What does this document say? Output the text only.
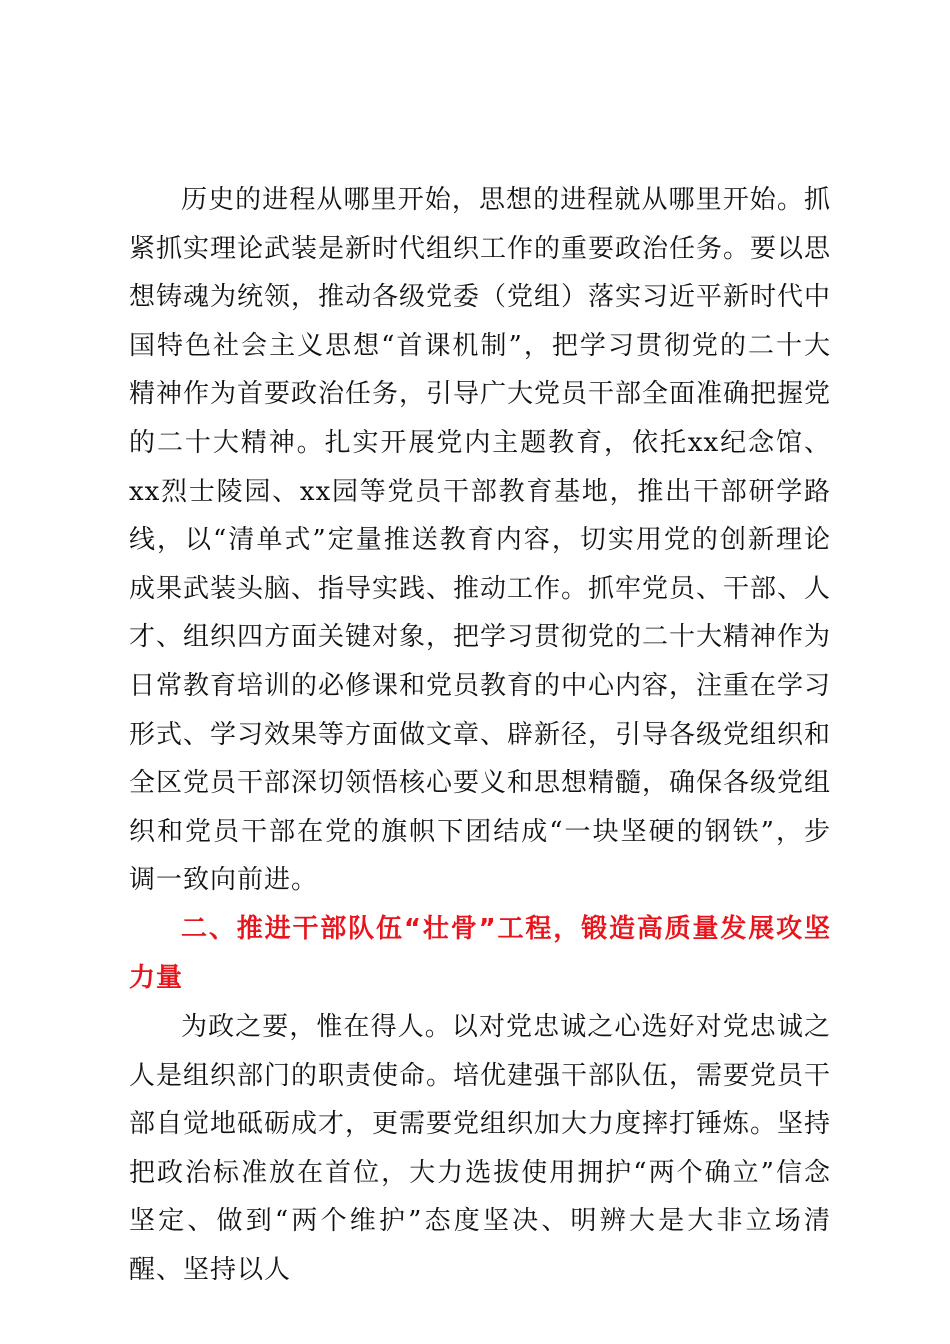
历史的进程从哪里开始，思想的进程就从哪里开始。抓紧抓实理论武装是新时代组织工作的重要政治任务。要以思想铸魂为统领，推动各级党委（党组）落实习近平新时代中国特色社会主义思想“首课机制”，把学习贯彻党的二十大精神作为首要政治任务，引导广大党员干部全面准确把握党的二十大精神。扎实开展党内主题教育，依托xx纪念馆、xx烈士陵园、xx园等党员干部教育基地，推出干部研学路线，以“清单式”定量推送教育内容，切实用党的创新理论成果武装头脑、指导实践、推动工作。抓牢党员、干部、人才、组织四方面关键对象，把学习贯彻党的二十大精神作为日常教育培训的必修课和党员教育的中心内容，注重在学习形式、学习效果等方面做文章、辟新径，引导各级党组织和全区党员干部深切领悟核心要义和思想精髓，确保各级党组织和党员干部在党的旗帜下团结成“一块坚硬的钢铁”，步调一致向前进。

二、推进干部队伍“壮骨”工程，锻造高质量发展攻坚力量

为政之要，惟在得人。以对党忠诚之心选好对党忠诚之人是组织部门的职责使命。培优建强干部队伍，需要党员干部自觉地砥砺成才，更需要党组织加大力度摔打锤炼。坚持把政治标准放在首位，大力选拔使用拥护“两个确立”信念坚定、做到“两个维护”态度坚决、明辨大是大非立场清醒、坚持以人
